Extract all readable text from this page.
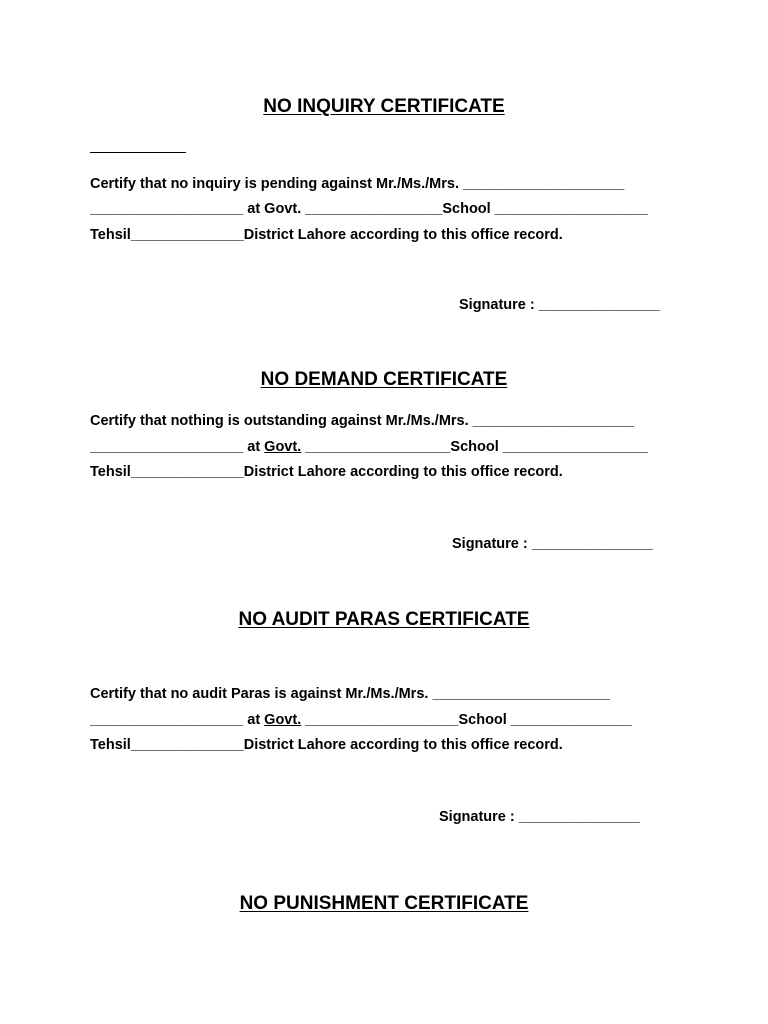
NO INQUIRY CERTIFICATE
Certify that no inquiry is pending against Mr./Ms./Mrs. ____________________
___________________ at Govt. _________________School ___________________
Tehsil______________District Lahore according to this office record.
Signature : _______________
NO DEMAND CERTIFICATE
Certify that nothing is outstanding against Mr./Ms./Mrs. ____________________
___________________ at Govt. __________________School __________________
Tehsil______________District Lahore according to this office record.
Signature : _______________
NO AUDIT PARAS CERTIFICATE
Certify that no audit Paras is against Mr./Ms./Mrs. ______________________
___________________ at Govt. ___________________School _______________
Tehsil______________District Lahore according to this office record.
Signature : _______________
NO PUNISHMENT CERTIFICATE
